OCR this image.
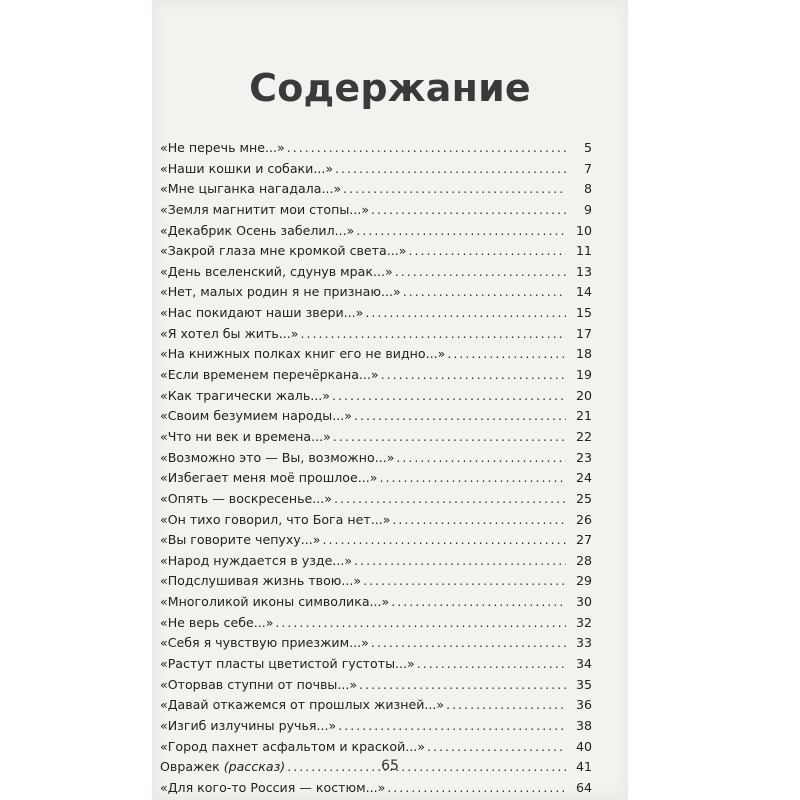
Содержание
«Не перечь мне...» .....	5
«Наши кошки и собаки...» .....	7
«Мне цыганка нагадала...» .....	8
«Земля магнитит мои стопы...» .....	9
«Декабрик Осень забелил...» .....	10
«Закрой глаза мне кромкой света...» .....	11
«День вселенский, сдунув мрак...» .....	13
«Нет, малых родин я не признаю...» .....	14
«Нас покидают наши звери...» .....	15
«Я хотел бы жить...» .....	17
«На книжных полках книг его не видно...» .....	18
«Если временем перечёркана...» .....	19
«Как трагически жаль...» .....	20
«Своим безумием народы...» .....	21
«Что ни век и времена...» .....	22
«Возможно это — Вы, возможно...» .....	23
«Избегает меня моё прошлое...» .....	24
«Опять — воскресенье...» .....	25
«Он тихо говорил, что Бога нет...» .....	26
«Вы говорите чепуху...» .....	27
«Народ нуждается в узде...» .....	28
«Подслушивая жизнь твою...» .....	29
«Многоликой иконы символика...» .....	30
«Не верь себе...» .....	32
«Себя я чувствую приезжим...» .....	33
«Растут пласты цветистой густоты...» .....	34
«Оторвав ступни от почвы...» .....	35
«Давай откажемся от прошлых жизней...» .....	36
«Изгиб излучины ручья...» .....	38
«Город пахнет асфальтом и краской...» .....	40
Овражек (рассказ) .....	41
«Для кого-то Россия — костюм...» .....	64
65
